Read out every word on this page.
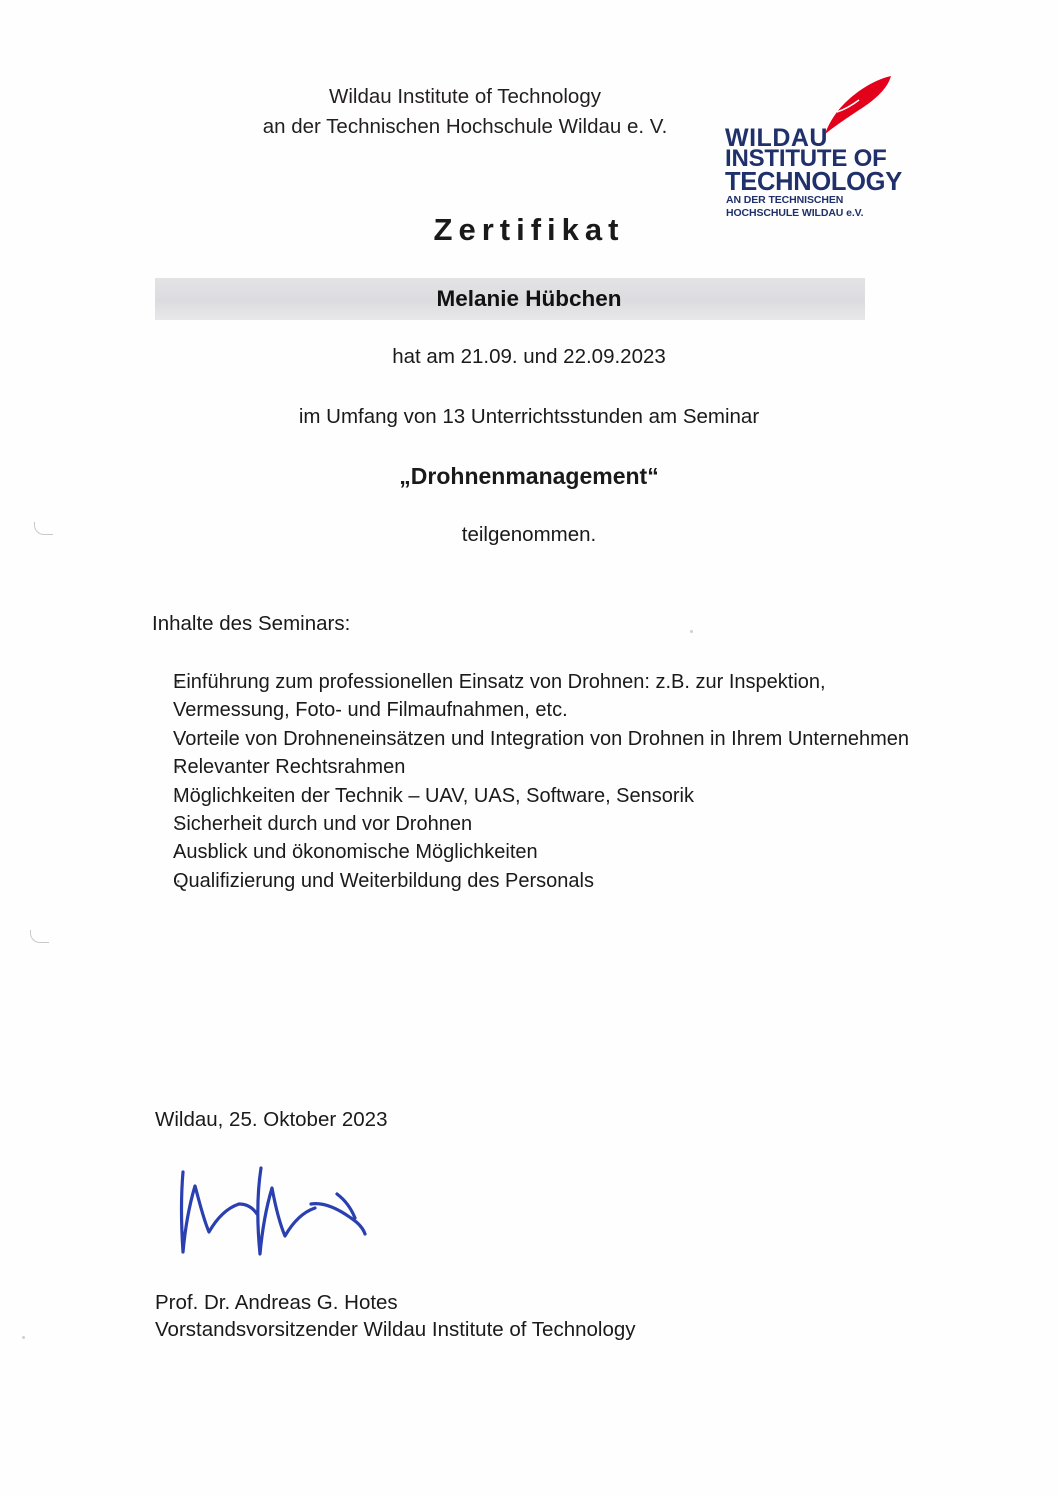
Wildau Institute of Technology
an der Technischen Hochschule Wildau e. V.	WILDAU
INSTITUTE OF
TECHNOLOGY
AN DER TECHNISCHEN
HOCHSCHULE WILDAU e.V.
Zertifikat
Melanie Hübchen
hat am 21.09. und 22.09.2023
im Umfang von 13 Unterrichtsstunden am Seminar
„Drohnenmanagement“
teilgenommen.
Inhalte des Seminars:
· Einführung zum professionellen Einsatz von Drohnen: z.B. zur Inspektion, Vermessung, Foto- und Filmaufnahmen, etc.
· Vorteile von Drohneneinsätzen und Integration von Drohnen in Ihrem Unternehmen
· Relevanter Rechtsrahmen
· Möglichkeiten der Technik – UAV, UAS, Software, Sensorik
· Sicherheit durch und vor Drohnen
· Ausblick und ökonomische Möglichkeiten
· Qualifizierung und Weiterbildung des Personals
Wildau, 25. Oktober 2023
Prof. Dr. Andreas G. Hotes
Vorstandsvorsitzender Wildau Institute of Technology
